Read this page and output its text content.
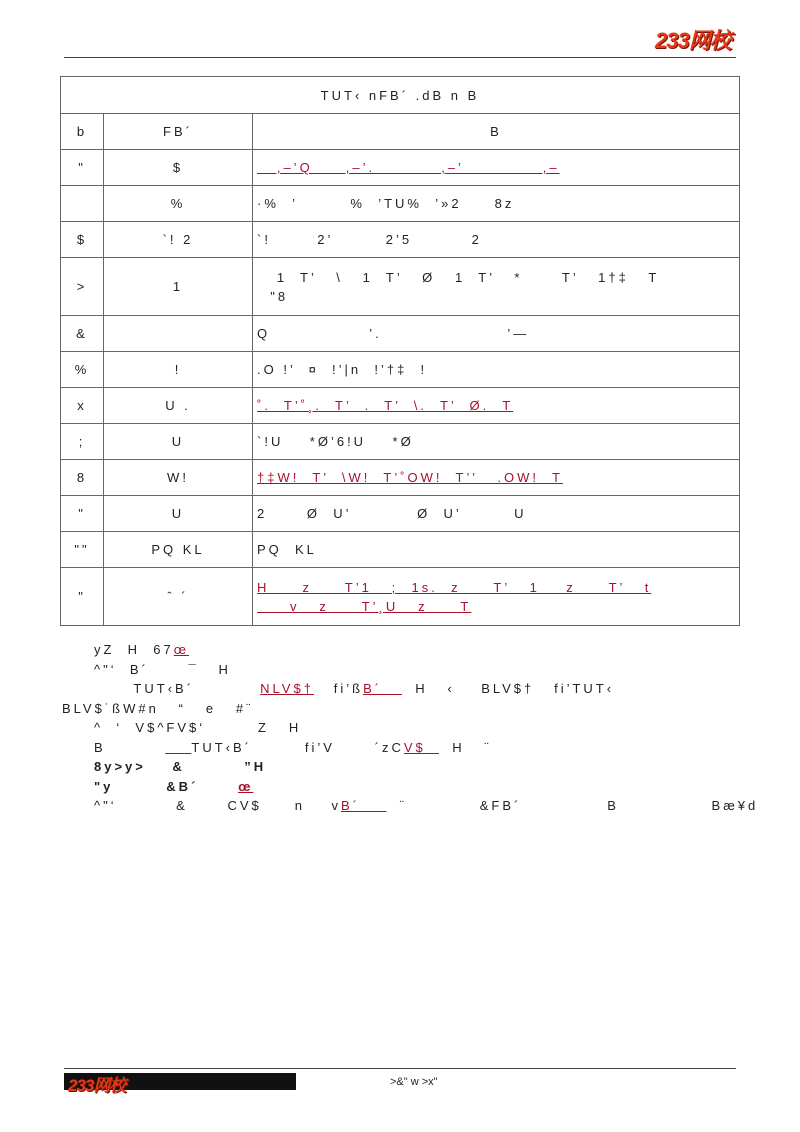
233网校
TUT‹ nFB´ .dB n B		
b	FB´	B
"	$	,–’Q     ,–’.          ,–’            ,–

	%	·%  ’        %  ’TU%  ’»2     8z

$	`! 2	`!       2’        2’5         2

>	1	1  T’   \   1  T’   Ø   1  T’   *      T’   1†‡   T
"8

&		Q               ’.                   ’—

%	!	.O !’  ¤  !’|n  !’†‡  !

x	U .	˚.  T’˚¸.  T’  .  T’  \.  T’  Ø.  T

;	U	`!U    *Ø’6!U    *Ø

8	W!	†‡W!  T’  \W!  T’˚OW!  T’’   .OW!  T

"	U	2      Ø  U’          Ø  U’        U

""	PQ KL	PQ  KL

"	ˆ ´	H     z     T’1   ;  1s.  z     T’   1    z     T’   t
v   z     T’¸U   z     T
yZ  H  67œ
^"‘  B´      ¯   H
TUT‹B´          NLV$†   fi’ßB´     H   ‹    BLV$†   fi’TUT‹
BLV$˙ßW#n   “   e   #¨
^  ‘  V$^FV$‘        Z   H
B             TUT‹B´        fi’V      ´zCV$    H   ¨
8y>y>    &         ”H
"y        &B´      œ
^"‘         &      CV$     n    vB´      ¨           &FB´             B              Bæ¥d
233网校	>&" w >x"
